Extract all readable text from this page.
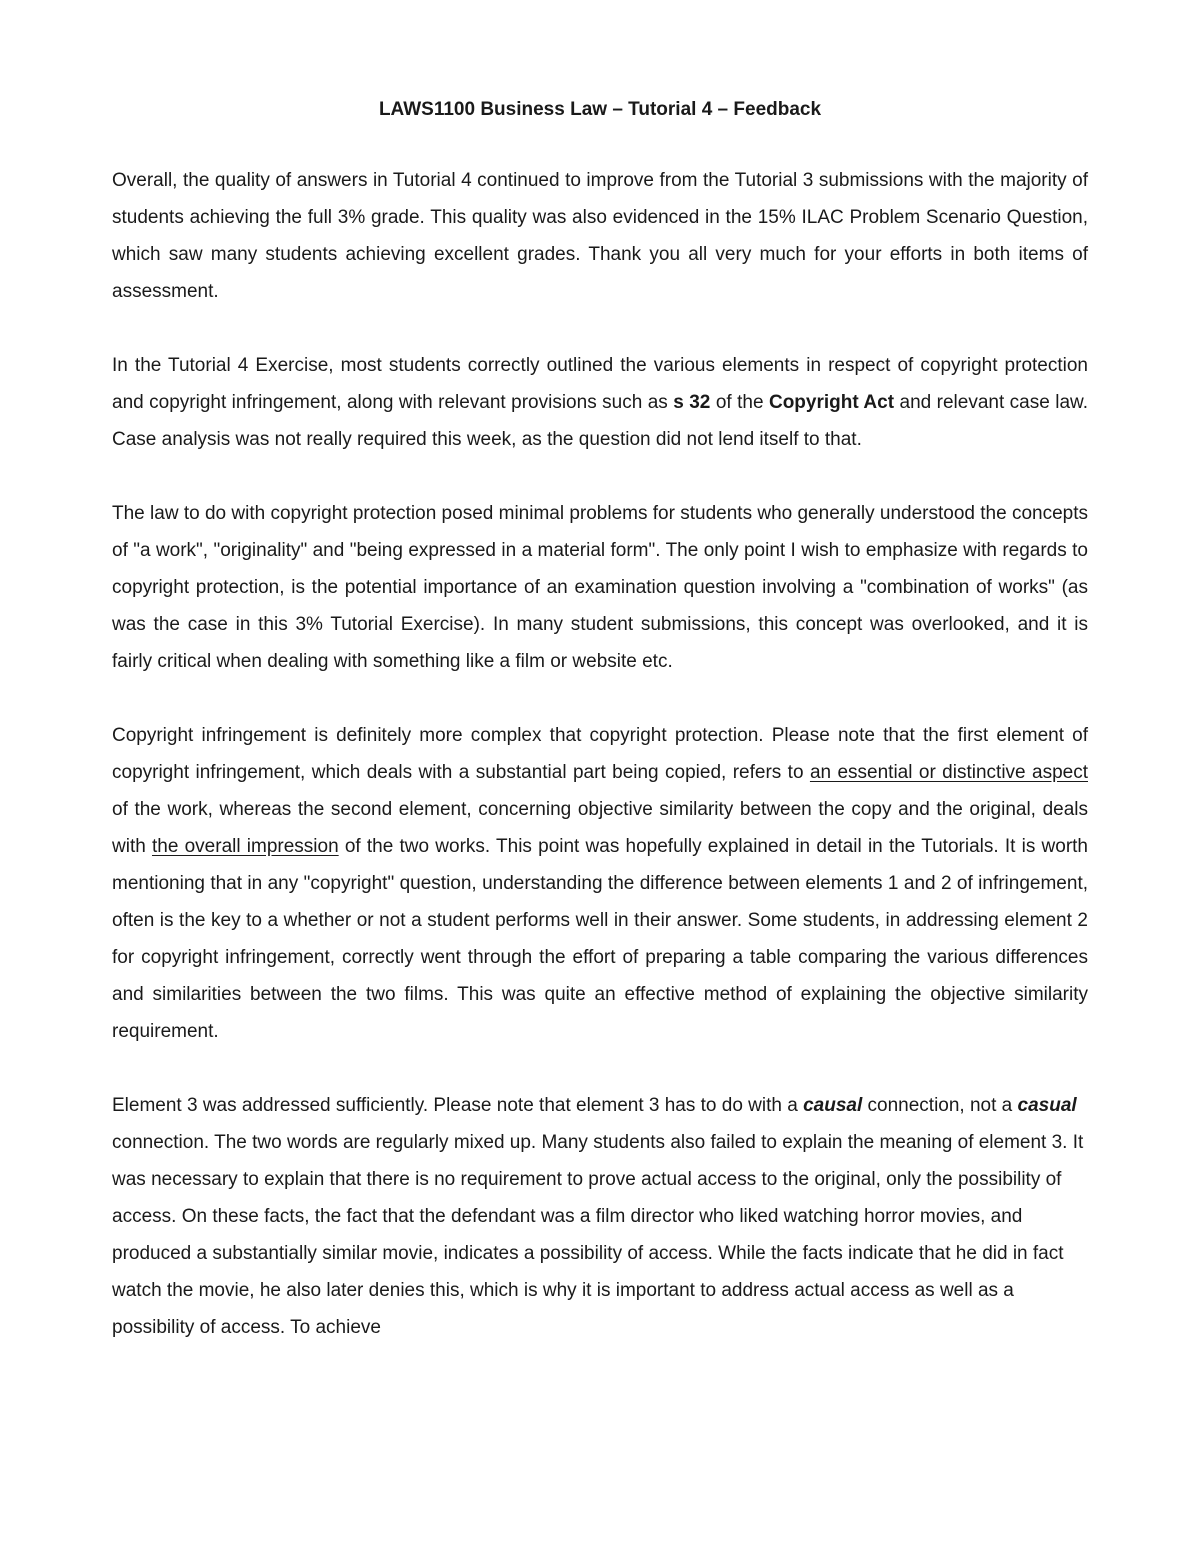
LAWS1100 Business Law – Tutorial 4 – Feedback

Overall, the quality of answers in Tutorial 4 continued to improve from the Tutorial 3 submissions with the majority of students achieving the full 3% grade. This quality was also evidenced in the 15% ILAC Problem Scenario Question, which saw many students achieving excellent grades. Thank you all very much for your efforts in both items of assessment.

In the Tutorial 4 Exercise, most students correctly outlined the various elements in respect of copyright protection and copyright infringement, along with relevant provisions such as s 32 of the Copyright Act and relevant case law. Case analysis was not really required this week, as the question did not lend itself to that.

The law to do with copyright protection posed minimal problems for students who generally understood the concepts of "a work", "originality" and "being expressed in a material form". The only point I wish to emphasize with regards to copyright protection, is the potential importance of an examination question involving a "combination of works" (as was the case in this 3% Tutorial Exercise). In many student submissions, this concept was overlooked, and it is fairly critical when dealing with something like a film or website etc.

Copyright infringement is definitely more complex that copyright protection. Please note that the first element of copyright infringement, which deals with a substantial part being copied, refers to an essential or distinctive aspect of the work, whereas the second element, concerning objective similarity between the copy and the original, deals with the overall impression of the two works. This point was hopefully explained in detail in the Tutorials. It is worth mentioning that in any "copyright" question, understanding the difference between elements 1 and 2 of infringement, often is the key to a whether or not a student performs well in their answer. Some students, in addressing element 2 for copyright infringement, correctly went through the effort of preparing a table comparing the various differences and similarities between the two films. This was quite an effective method of explaining the objective similarity requirement.

Element 3 was addressed sufficiently. Please note that element 3 has to do with a causal connection, not a casual connection. The two words are regularly mixed up. Many students also failed to explain the meaning of element 3. It was necessary to explain that there is no requirement to prove actual access to the original, only the possibility of access. On these facts, the fact that the defendant was a film director who liked watching horror movies, and produced a substantially similar movie, indicates a possibility of access. While the facts indicate that he did in fact watch the movie, he also later denies this, which is why it is important to address actual access as well as a possibility of access. To achieve
